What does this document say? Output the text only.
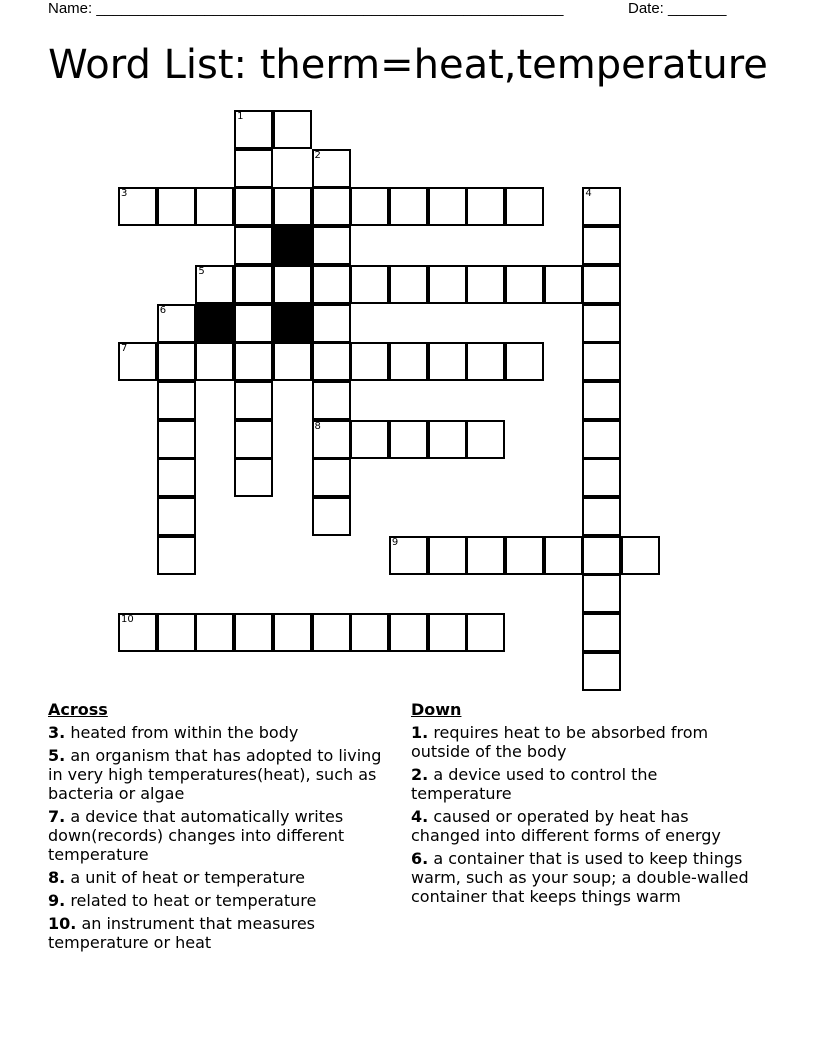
Name: ________________________________________________________	Date: _______
Word List: therm=heat,temperature
1
2
3	4
5
6
7
8
9
10
Across
3. heated from within the body
5. an organism that has adopted to living in very high temperatures(heat), such as bacteria or algae
7. a device that automatically writes down(records) changes into different temperature
8. a unit of heat or temperature
9. related to heat or temperature
10. an instrument that measures temperature or heat
Down
1. requires heat to be absorbed from outside of the body
2. a device used to control the temperature
4. caused or operated by heat has changed into different forms of energy
6. a container that is used to keep things warm, such as your soup; a double-walled container that keeps things warm
